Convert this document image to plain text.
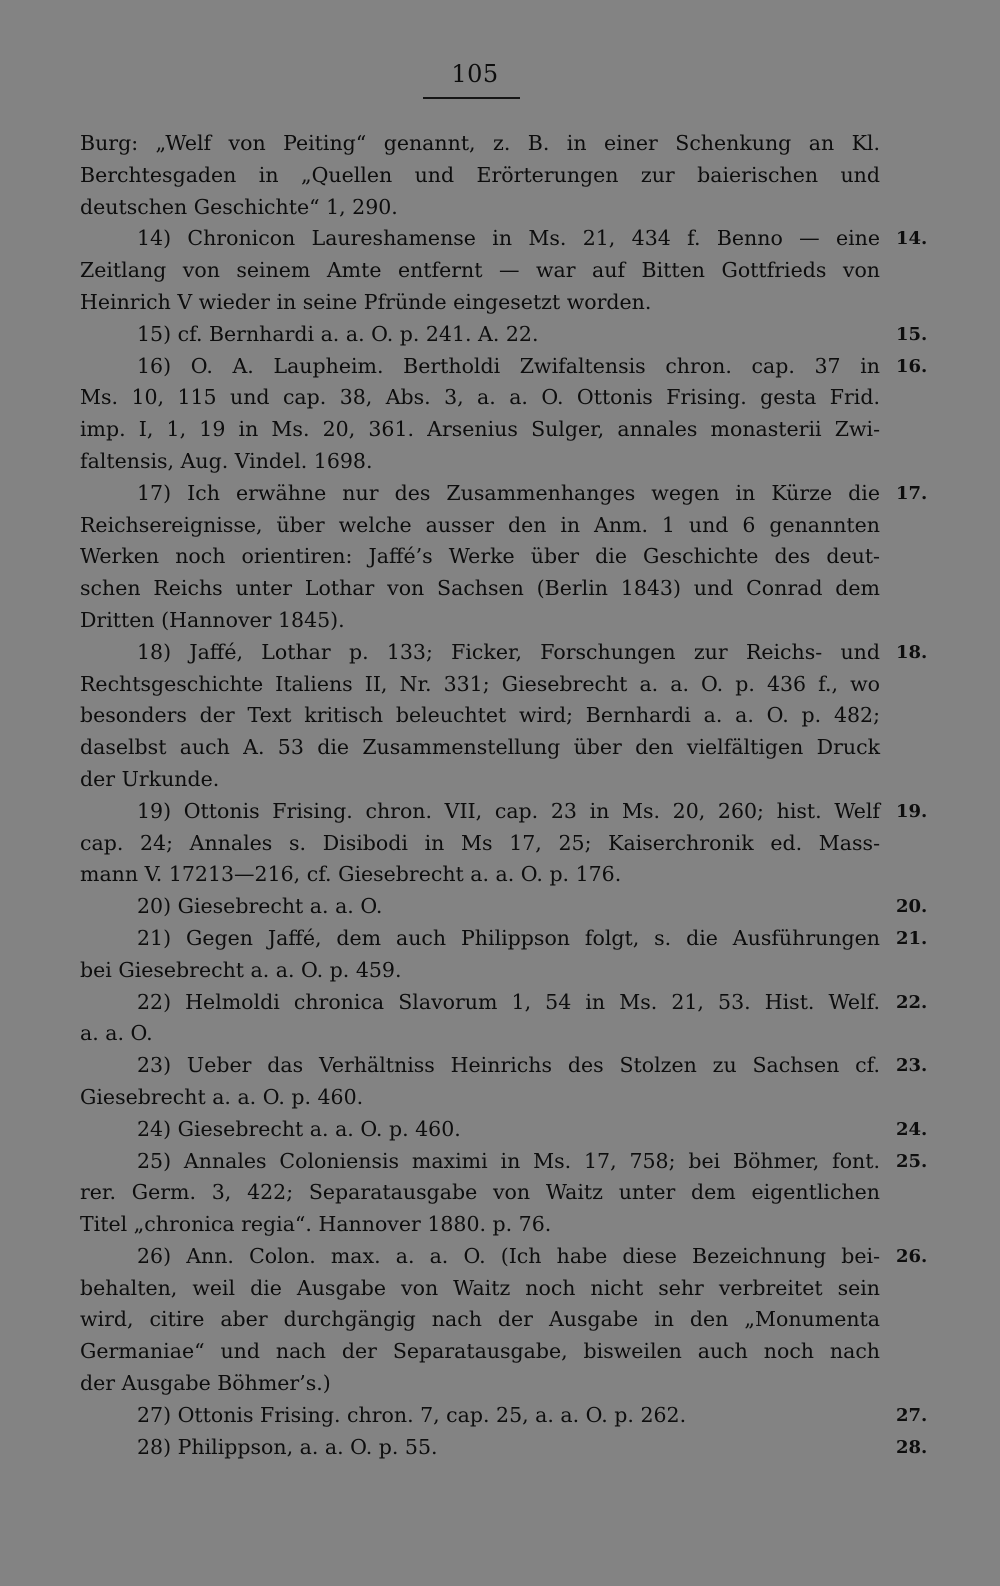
105
Burg: „Welf von Peiting“ genannt, z. B. in einer Schenkung an Kl.
Berchtesgaden in „Quellen und Erörterungen zur baierischen und
deutschen Geschichte“ 1, 290.
14) Chronicon Laureshamense in Ms. 21, 434 f. Benno — eine
Zeitlang von seinem Amte entfernt — war auf Bitten Gottfrieds von
Heinrich V wieder in seine Pfründe eingesetzt worden.
15) cf. Bernhardi a. a. O. p. 241. A. 22.
16) O. A. Laupheim. Bertholdi Zwifaltensis chron. cap. 37 in
Ms. 10, 115 und cap. 38, Abs. 3, a. a. O. Ottonis Frising. gesta Frid.
imp. I, 1, 19 in Ms. 20, 361. Arsenius Sulger, annales monasterii Zwi-
faltensis, Aug. Vindel. 1698.
17) Ich erwähne nur des Zusammenhanges wegen in Kürze die
Reichsereignisse, über welche ausser den in Anm. 1 und 6 genannten
Werken noch orientiren: Jaffé’s Werke über die Geschichte des deut-
schen Reichs unter Lothar von Sachsen (Berlin 1843) und Conrad dem
Dritten (Hannover 1845).
18) Jaffé, Lothar p. 133; Ficker, Forschungen zur Reichs- und
Rechtsgeschichte Italiens II, Nr. 331; Giesebrecht a. a. O. p. 436 f., wo
besonders der Text kritisch beleuchtet wird; Bernhardi a. a. O. p. 482;
daselbst auch A. 53 die Zusammenstellung über den vielfältigen Druck
der Urkunde.
19) Ottonis Frising. chron. VII, cap. 23 in Ms. 20, 260; hist. Welf
cap. 24; Annales s. Disibodi in Ms 17, 25; Kaiserchronik ed. Mass-
mann V. 17213—216, cf. Giesebrecht a. a. O. p. 176.
20) Giesebrecht a. a. O.
21) Gegen Jaffé, dem auch Philippson folgt, s. die Ausführungen
bei Giesebrecht a. a. O. p. 459.
22) Helmoldi chronica Slavorum 1, 54 in Ms. 21, 53. Hist. Welf.
a. a. O.
23) Ueber das Verhältniss Heinrichs des Stolzen zu Sachsen cf.
Giesebrecht a. a. O. p. 460.
24) Giesebrecht a. a. O. p. 460.
25) Annales Coloniensis maximi in Ms. 17, 758; bei Böhmer, font.
rer. Germ. 3, 422; Separatausgabe von Waitz unter dem eigentlichen
Titel „chronica regia“. Hannover 1880. p. 76.
26) Ann. Colon. max. a. a. O. (Ich habe diese Bezeichnung bei-
behalten, weil die Ausgabe von Waitz noch nicht sehr verbreitet sein
wird, citire aber durchgängig nach der Ausgabe in den „Monumenta
Germaniae“ und nach der Separatausgabe, bisweilen auch noch nach
der Ausgabe Böhmer’s.)
27) Ottonis Frising. chron. 7, cap. 25, a. a. O. p. 262.
28) Philippson, a. a. O. p. 55.
14.
15.
16.
17.
18.
19.
20.
21.
22.
23.
24.
25.
26.
27.
28.
